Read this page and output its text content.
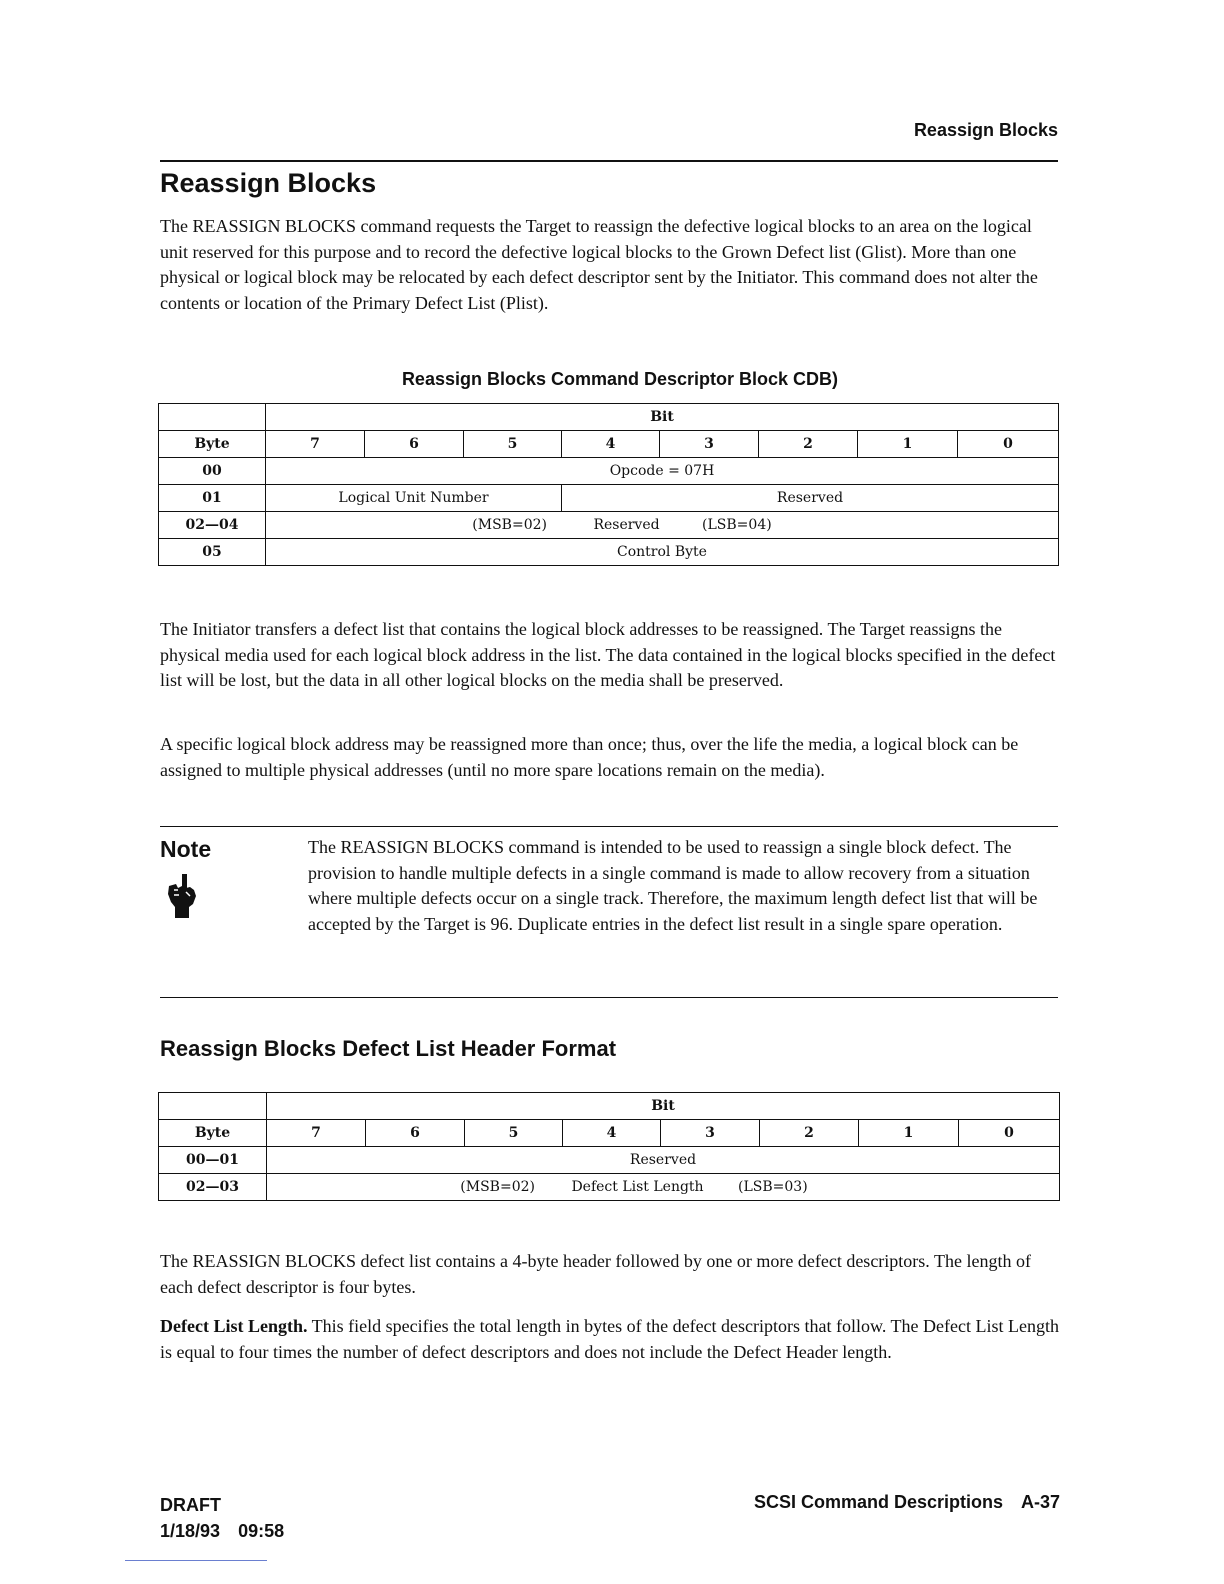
Reassign Blocks
Reassign Blocks

The REASSIGN BLOCKS command requests the Target to reassign the defective logical blocks to an area on the logical unit reserved for this purpose and to record the defective logical blocks to the Grown Defect list (Glist). More than one physical or logical block may be relocated by each defect descriptor sent by the Initiator. This command does not alter the contents or location of the Primary Defect List (Plist).

Reassign Blocks Command Descriptor Block CDB)
	Bit							
Byte	7	6	5	4	3	2	1	0
00	Opcode = 07H							
01	Logical Unit Number			Reserved				
02—04	(MSB=02) Reserved (LSB=04)							
05	Control Byte							

The Initiator transfers a defect list that contains the logical block addresses to be reassigned. The Target reassigns the physical media used for each logical block address in the list. The data contained in the logical blocks specified in the defect list will be lost, but the data in all other logical blocks on the media shall be preserved.

A specific logical block address may be reassigned more than once; thus, over the life the media, a logical block can be assigned to multiple physical addresses (until no more spare locations remain on the media).

Note	The REASSIGN BLOCKS command is intended to be used to reassign a single block defect. The provision to handle multiple defects in a single command is made to allow recovery from a situation where multiple defects occur on a single track. Therefore, the maximum length defect list that will be accepted by the Target is 96. Duplicate entries in the defect list result in a single spare operation.

Reassign Blocks Defect List Header Format
	Bit							
Byte	7	6	5	4	3	2	1	0
00—01	Reserved							
02—03	(MSB=02) Defect List Length (LSB=03)							

The REASSIGN BLOCKS defect list contains a 4-byte header followed by one or more defect descriptors. The length of each defect descriptor is four bytes.

Defect List Length. This field specifies the total length in bytes of the defect descriptors that follow. The Defect List Length is equal to four times the number of defect descriptors and does not include the Defect Header length.

DRAFT
1/18/93 09:58
SCSI Command Descriptions A-37
